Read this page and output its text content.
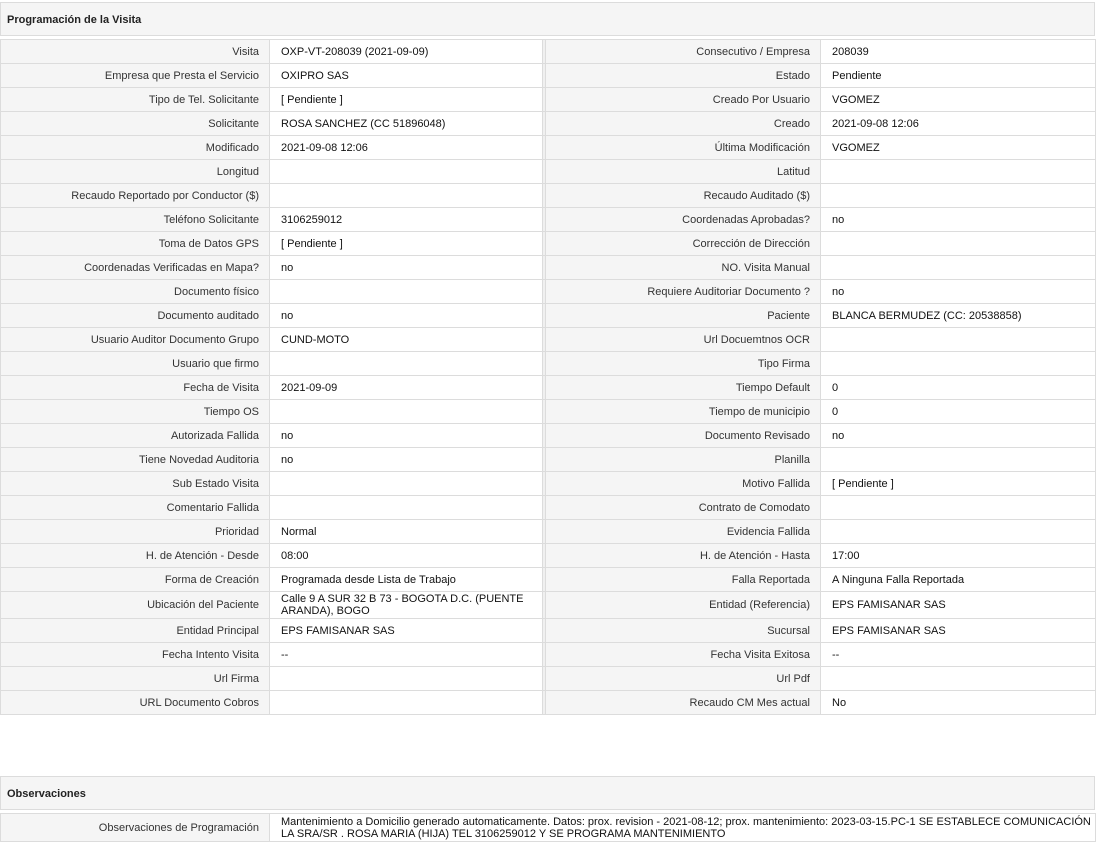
Programación de la Visita
Visita	OXP-VT-208039 (2021-09-09)		Consecutivo / Empresa	208039
Empresa que Presta el Servicio	OXIPRO SAS		Estado	Pendiente
Tipo de Tel. Solicitante	[ Pendiente ]		Creado Por Usuario	VGOMEZ
Solicitante	ROSA SANCHEZ (CC 51896048)		Creado	2021-09-08 12:06
Modificado	2021-09-08 12:06		Última Modificación	VGOMEZ
Longitud			Latitud	
Recaudo Reportado por Conductor ($)			Recaudo Auditado ($)	
Teléfono Solicitante	3106259012		Coordenadas Aprobadas?	no
Toma de Datos GPS	[ Pendiente ]		Corrección de Dirección	
Coordenadas Verificadas en Mapa?	no		NO. Visita Manual	
Documento físico			Requiere Auditoriar Documento ?	no
Documento auditado	no		Paciente	BLANCA BERMUDEZ (CC: 20538858)
Usuario Auditor Documento Grupo	CUND-MOTO		Url Docuemtnos OCR	
Usuario que firmo			Tipo Firma	
Fecha de Visita	2021-09-09		Tiempo Default	0
Tiempo OS			Tiempo de municipio	0
Autorizada Fallida	no		Documento Revisado	no
Tiene Novedad Auditoria	no		Planilla	
Sub Estado Visita			Motivo Fallida	[ Pendiente ]
Comentario Fallida			Contrato de Comodato	
Prioridad	Normal		Evidencia Fallida	
H. de Atención - Desde	08:00		H. de Atención - Hasta	17:00
Forma de Creación	Programada desde Lista de Trabajo		Falla Reportada	A Ninguna Falla Reportada
Ubicación del Paciente	Calle 9 A SUR 32 B 73 - BOGOTA D.C. (PUENTE ARANDA), BOGO		Entidad (Referencia)	EPS FAMISANAR SAS
Entidad Principal	EPS FAMISANAR SAS		Sucursal	EPS FAMISANAR SAS
Fecha Intento Visita	--		Fecha Visita Exitosa	--
Url Firma			Url Pdf	
URL Documento Cobros			Recaudo CM Mes actual	No
Observaciones
Observaciones de Programación	Mantenimiento a Domicilio generado automaticamente. Datos: prox. revision - 2021-08-12; prox. mantenimiento: 2023-03-15.PC-1 SE ESTABLECE COMUNICACIÓN LA SRA/SR . ROSA MARIA (HIJA) TEL 3106259012 Y SE PROGRAMA MANTENIMIENTO
